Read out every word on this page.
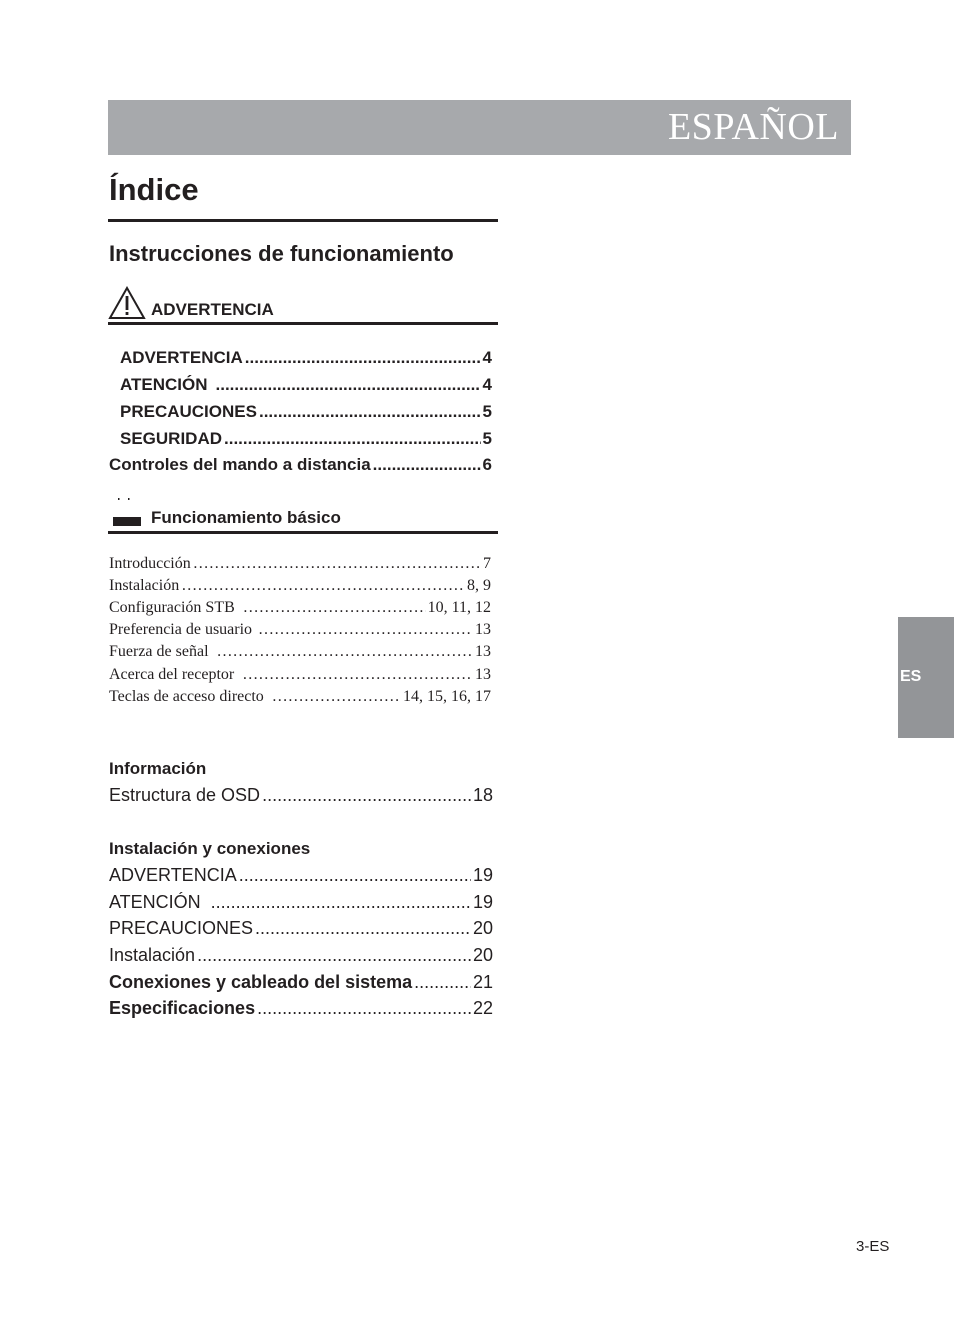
ESPAÑOL
Índice
Instrucciones de funcionamiento
ADVERTENCIA
ADVERTENCIA .....	4
ATENCIÓN .....	4
PRECAUCIONES .....	5
SEGURIDAD .....	5
Controles del mando a distancia .....	6
Funcionamiento básico
Introducción …………………………………………………………………………………………………………	7
Instalación …………………………………………………………………………………………………………	8, 9
Configuración STB …………………………………………………………………………………………………………	10, 11, 12
Preferencia de usuario …………………………………………………………………………………………………………	13
Fuerza de señal …………………………………………………………………………………………………………	13
Acerca del receptor …………………………………………………………………………………………………………	13
Teclas de acceso directo …………………………………………………………………………………………………………	14, 15, 16, 17
Información
Estructura de OSD .....	18
Instalación y conexiones
ADVERTENCIA .....	19
ATENCIÓN .....	19
PRECAUCIONES .....	20
Instalación .....	20
Conexiones y cableado del sistema .....	21
Especificaciones .....	22
ES
3-ES
